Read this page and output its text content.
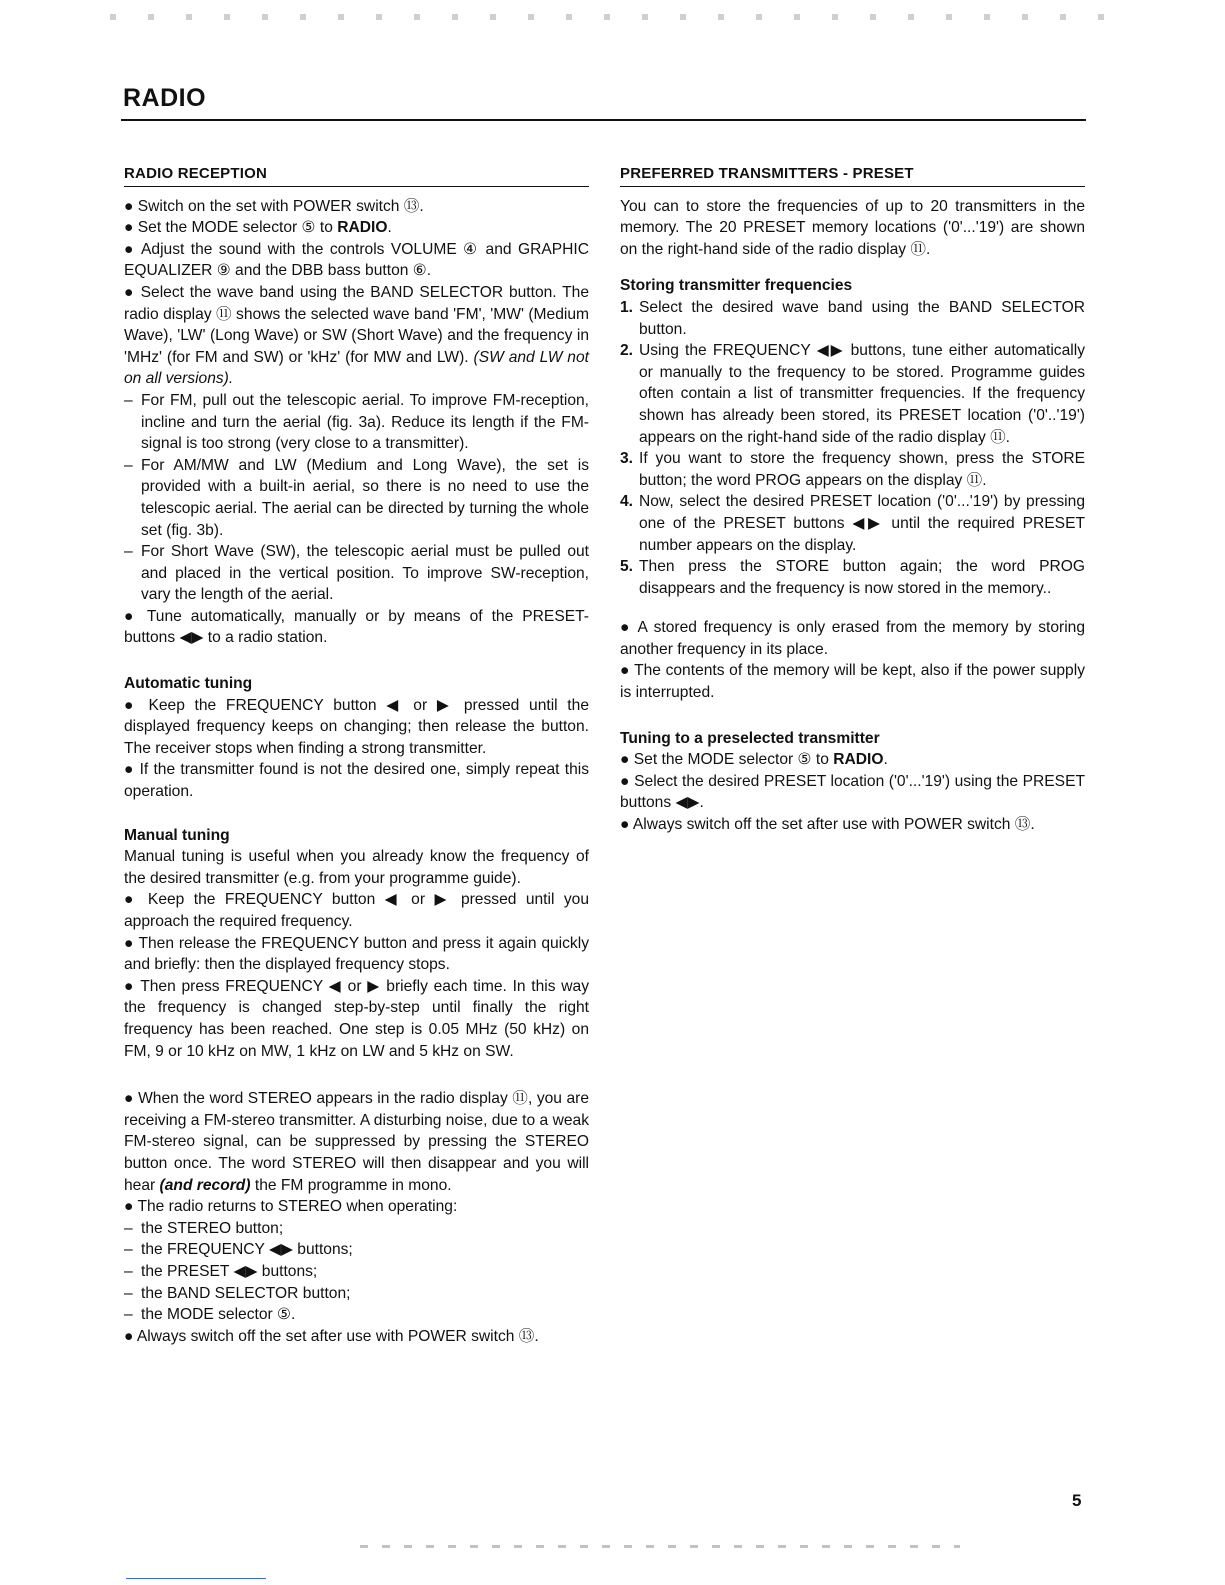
RADIO
RADIO RECEPTION

● Switch on the set with POWER switch ⑬.

● Set the MODE selector ⑤ to RADIO.

● Adjust the sound with the controls VOLUME ④ and GRAPHIC EQUALIZER ⑨ and the DBB bass button ⑥.

● Select the wave band using the BAND SELECTOR button. The radio display ⑪ shows the selected wave band 'FM', 'MW' (Medium Wave), 'LW' (Long Wave) or SW (Short Wave) and the frequency in 'MHz' (for FM and SW) or 'kHz' (for MW and LW). (SW and LW not on all versions).

– For FM, pull out the telescopic aerial. To improve FM-reception, incline and turn the aerial (fig. 3a). Reduce its length if the FM-signal is too strong (very close to a transmitter).
– For AM/MW and LW (Medium and Long Wave), the set is provided with a built-in aerial, so there is no need to use the telescopic aerial. The aerial can be directed by turning the whole set (fig. 3b).
– For Short Wave (SW), the telescopic aerial must be pulled out and placed in the vertical position. To improve SW-reception, vary the length of the aerial.

● Tune automatically, manually or by means of the PRESET-buttons ◀▶ to a radio station.

Automatic tuning

● Keep the FREQUENCY button ◀ or ▶ pressed until the displayed frequency keeps on changing; then release the button. The receiver stops when finding a strong transmitter.

● If the transmitter found is not the desired one, simply repeat this operation.

Manual tuning

Manual tuning is useful when you already know the frequency of the desired transmitter (e.g. from your programme guide).

● Keep the FREQUENCY button ◀ or ▶ pressed until you approach the required frequency.

● Then release the FREQUENCY button and press it again quickly and briefly: then the displayed frequency stops.

● Then press FREQUENCY ◀ or ▶ briefly each time. In this way the frequency is changed step-by-step until finally the right frequency has been reached. One step is 0.05 MHz (50 kHz) on FM, 9 or 10 kHz on MW, 1 kHz on LW and 5 kHz on SW.

● When the word STEREO appears in the radio display ⑪, you are receiving a FM-stereo transmitter. A disturbing noise, due to a weak FM-stereo signal, can be suppressed by pressing the STEREO button once. The word STEREO will then disappear and you will hear (and record) the FM programme in mono.

● The radio returns to STEREO when operating:

– the STEREO button;
– the FREQUENCY ◀▶ buttons;
– the PRESET ◀▶ buttons;
– the BAND SELECTOR button;
– the MODE selector ⑤.

● Always switch off the set after use with POWER switch ⑬.

PREFERRED TRANSMITTERS - PRESET

You can to store the frequencies of up to 20 transmitters in the memory. The 20 PRESET memory locations ('0'...'19') are shown on the right-hand side of the radio display ⑪.

Storing transmitter frequencies
1. Select the desired wave band using the BAND SELECTOR button.
2. Using the FREQUENCY ◀▶ buttons, tune either automatically or manually to the frequency to be stored. Programme guides often contain a list of transmitter frequencies. If the frequency shown has already been stored, its PRESET location ('0'..'19') appears on the right-hand side of the radio display ⑪.
3. If you want to store the frequency shown, press the STORE button; the word PROG appears on the display ⑪.
4. Now, select the desired PRESET location ('0'...'19') by pressing one of the PRESET buttons ◀▶ until the required PRESET number appears on the display.
5. Then press the STORE button again; the word PROG disappears and the frequency is now stored in the memory..

● A stored frequency is only erased from the memory by storing another frequency in its place.

● The contents of the memory will be kept, also if the power supply is interrupted.

Tuning to a preselected transmitter

● Set the MODE selector ⑤ to RADIO.

● Select the desired PRESET location ('0'...'19') using the PRESET buttons ◀▶.

● Always switch off the set after use with POWER switch ⑬.

5
